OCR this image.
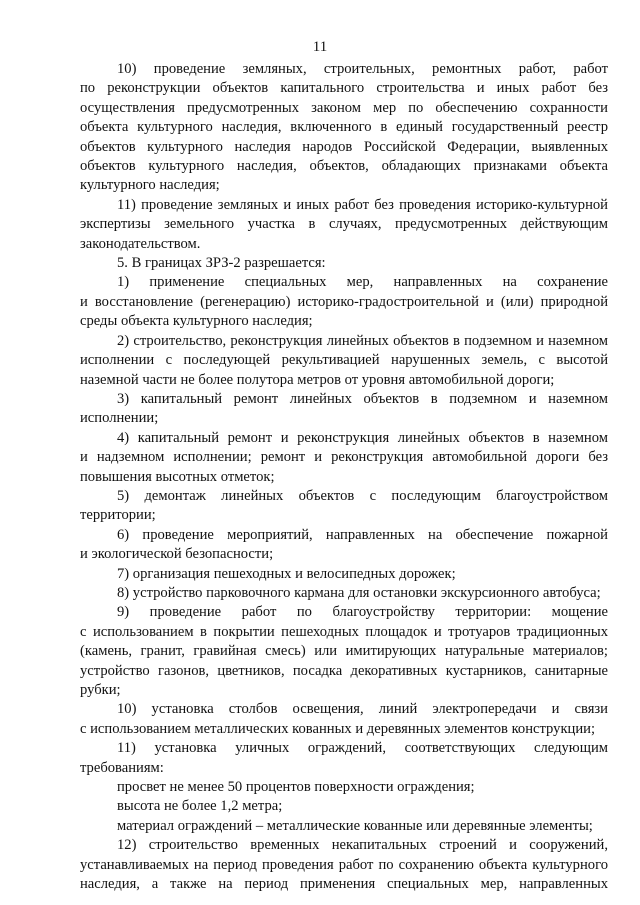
11

10) проведение земляных, строительных, ремонтных работ, работ по реконструкции объектов капитального строительства и иных работ без осуществления предусмотренных законом мер по обеспечению сохранности объекта культурного наследия, включенного в единый государственный реестр объектов культурного наследия народов Российской Федерации, выявленных объектов культурного наследия, объектов, обладающих признаками объекта культурного наследия;

11) проведение земляных и иных работ без проведения историко-культурной экспертизы земельного участка в случаях, предусмотренных действующим законодательством.

5. В границах ЗРЗ-2 разрешается:

1) применение специальных мер, направленных на сохранение и восстановление (регенерацию) историко-градостроительной и (или) природной среды объекта культурного наследия;

2) строительство, реконструкция линейных объектов в подземном и наземном исполнении с последующей рекультивацией нарушенных земель, с высотой наземной части не более полутора метров от уровня автомобильной дороги;

3) капитальный ремонт линейных объектов в подземном и наземном исполнении;

4) капитальный ремонт и реконструкция линейных объектов в наземном и надземном исполнении; ремонт и реконструкция автомобильной дороги без повышения высотных отметок;

5) демонтаж линейных объектов с последующим благоустройством территории;

6) проведение мероприятий, направленных на обеспечение пожарной и экологической безопасности;

7) организация пешеходных и велосипедных дорожек;

8) устройство парковочного кармана для остановки экскурсионного автобуса;

9) проведение работ по благоустройству территории: мощение с использованием в покрытии пешеходных площадок и тротуаров традиционных (камень, гранит, гравийная смесь) или имитирующих натуральные материалов; устройство газонов, цветников, посадка декоративных кустарников, санитарные рубки;

10) установка столбов освещения, линий электропередачи и связи с использованием металлических кованных и деревянных элементов конструкции;

11) установка уличных ограждений, соответствующих следующим требованиям:

просвет не менее 50 процентов поверхности ограждения;

высота не более 1,2 метра;

материал ограждений – металлические кованные или деревянные элементы;

12) строительство временных некапитальных строений и сооружений, устанавливаемых на период проведения работ по сохранению объекта культурного наследия, а также на период применения специальных мер, направленных
